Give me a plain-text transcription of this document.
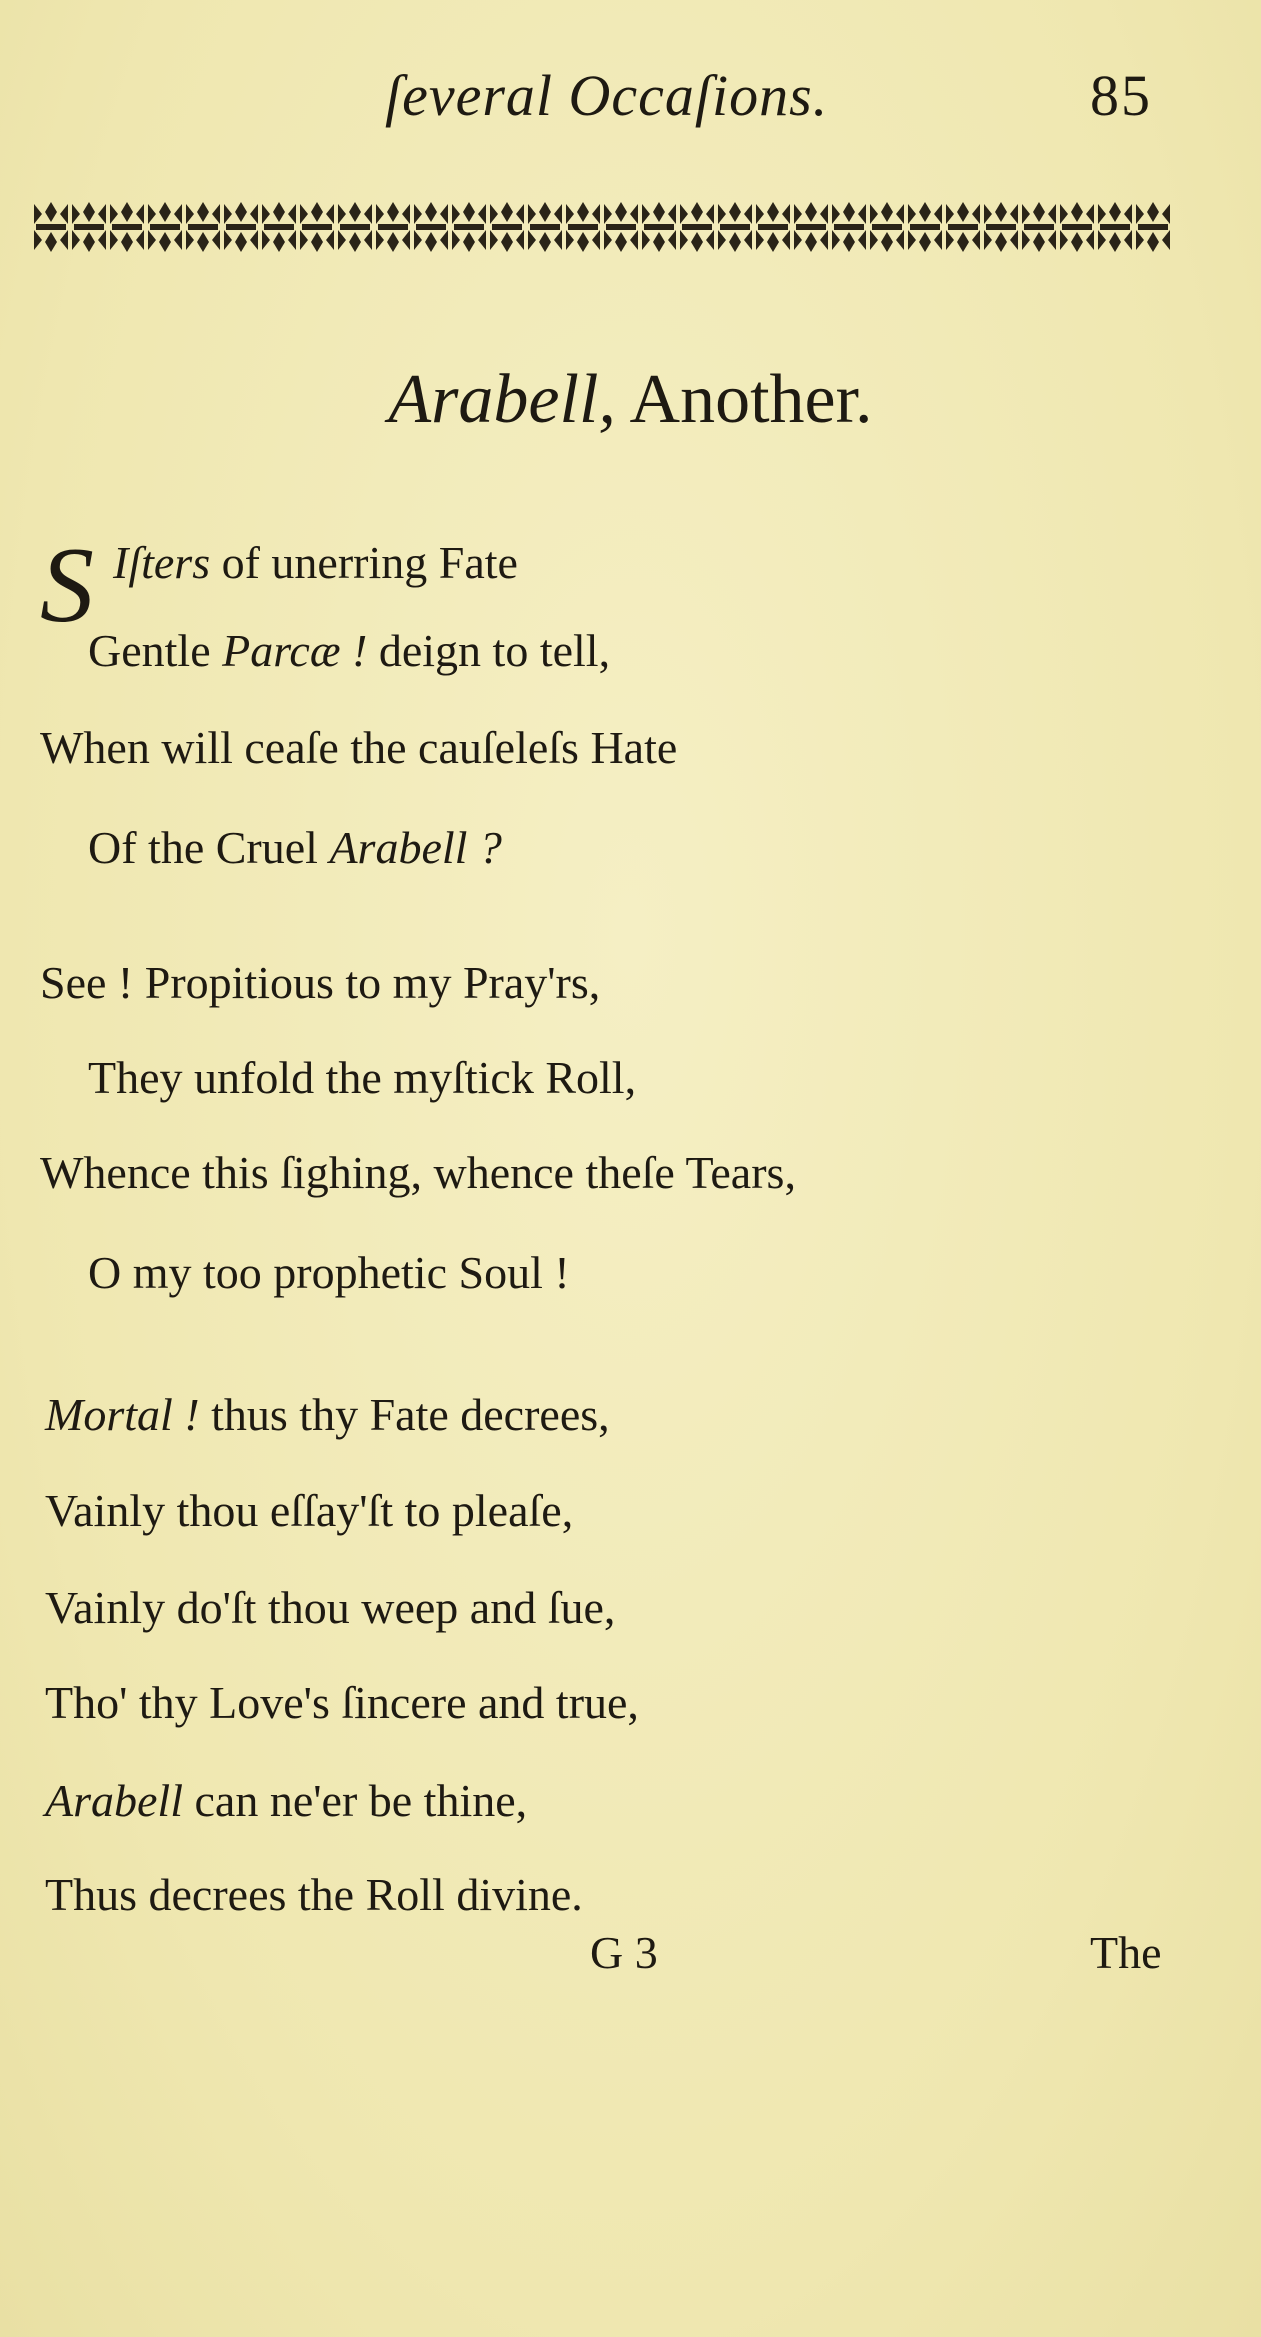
ſeveral Occaſions.	85
Arabell, Another.
S Iſters of unerring Fate
Gentle Parcæ ! deign to tell,
When will ceaſe the cauſeleſs Hate
Of the Cruel Arabell ?
See ! Propitious to my Pray'rs,
They unfold the myſtick Roll,
Whence this ſighing, whence theſe Tears,
O my too prophetic Soul !
Mortal ! thus thy Fate decrees,
Vainly thou eſſay'ſt to pleaſe,
Vainly do'ſt thou weep and ſue,
Tho' thy Love's ſincere and true,
Arabell can ne'er be thine,
Thus decrees the Roll divine.
G 3	The
